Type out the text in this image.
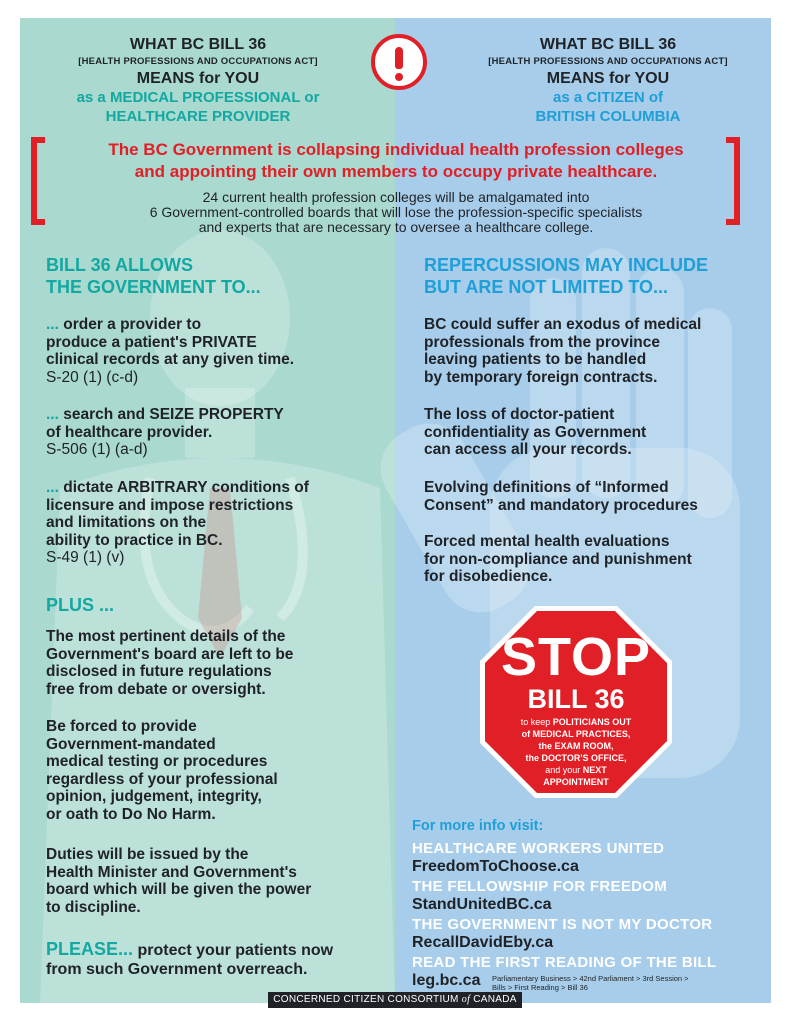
WHAT BC BILL 36
[HEALTH PROFESSIONS AND OCCUPATIONS ACT]
MEANS for YOU
as a MEDICAL PROFESSIONAL or
HEALTHCARE PROVIDER
WHAT BC BILL 36
[HEALTH PROFESSIONS AND OCCUPATIONS ACT]
MEANS for YOU
as a CITIZEN of
BRITISH COLUMBIA
The BC Government is collapsing individual health profession colleges
and appointing their own members to occupy private healthcare.
24 current health profession colleges will be amalgamated into
6 Government-controlled boards that will lose the profession-specific specialists
and experts that are necessary to oversee a healthcare college.
BILL 36 ALLOWS
THE GOVERNMENT TO...
... order a provider to
produce a patient's PRIVATE
clinical records at any given time.
S-20 (1) (c-d)
... search and SEIZE PROPERTY
of healthcare provider.
S-506 (1) (a-d)
... dictate ARBITRARY conditions of
licensure and impose restrictions
and limitations on the
ability to practice in BC.
S-49 (1) (v)
PLUS ...
The most pertinent details of the
Government's board are left to be
disclosed in future regulations
free from debate or oversight.
Be forced to provide
Government-mandated
medical testing or procedures
regardless of your professional
opinion, judgement, integrity,
or oath to Do No Harm.
Duties will be issued by the
Health Minister and Government's
board which will be given the power
to discipline.
PLEASE... protect your patients now
from such Government overreach.
REPERCUSSIONS MAY INCLUDE
BUT ARE NOT LIMITED TO...
BC could suffer an exodus of medical
professionals from the province
leaving patients to be handled
by temporary foreign contracts.
The loss of doctor-patient
confidentiality as Government
can access all your records.
Evolving definitions of “Informed
Consent” and mandatory procedures
Forced mental health evaluations
for non-compliance and punishment
for disobedience.
STOP
BILL 36
to keep POLITICIANS OUT
of MEDICAL PRACTICES,
the EXAM ROOM,
the DOCTOR'S OFFICE,
and your NEXT
APPOINTMENT
For more info visit:
HEALTHCARE WORKERS UNITED
FreedomToChoose.ca
THE FELLOWSHIP FOR FREEDOM
StandUnitedBC.ca
THE GOVERNMENT IS NOT MY DOCTOR
RecallDavidEby.ca
READ THE FIRST READING OF THE BILL
leg.bc.ca Parliamentary Business > 42nd Parliament > 3rd Session >
Bills > First Reading > Bill 36
CONCERNED CITIZEN CONSORTIUM of CANADA
